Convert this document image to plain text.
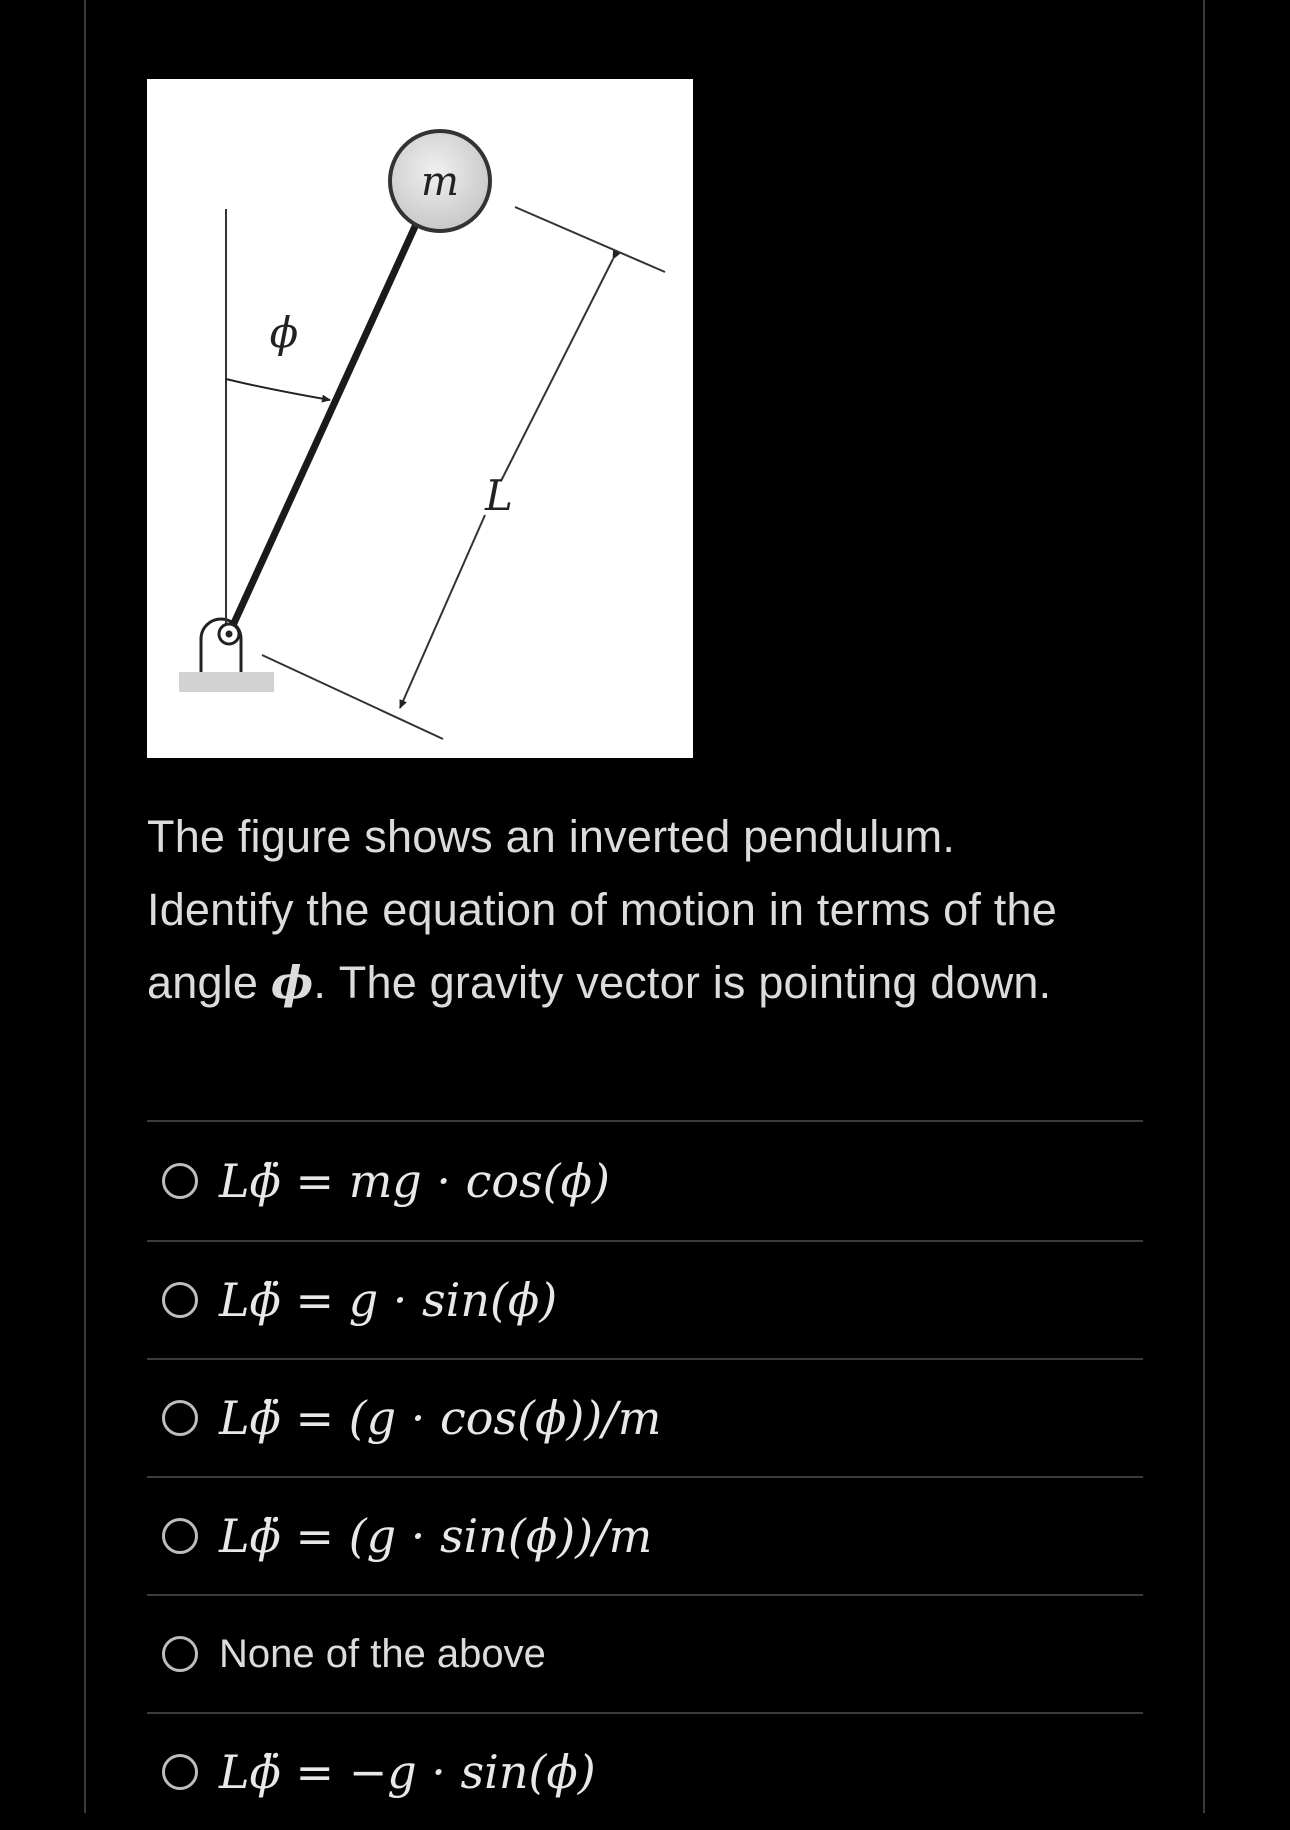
m
ϕ
L
The figure shows an inverted pendulum.
Identify the equation of motion in terms of the
angle ϕ. The gravity vector is pointing down.
Lϕ̈ = mg · cos(ϕ)
Lϕ̈ = g · sin(ϕ)
Lϕ̈ = (g · cos(ϕ))/m
Lϕ̈ = (g · sin(ϕ))/m
None of the above
Lϕ̈ = −g · sin(ϕ)
